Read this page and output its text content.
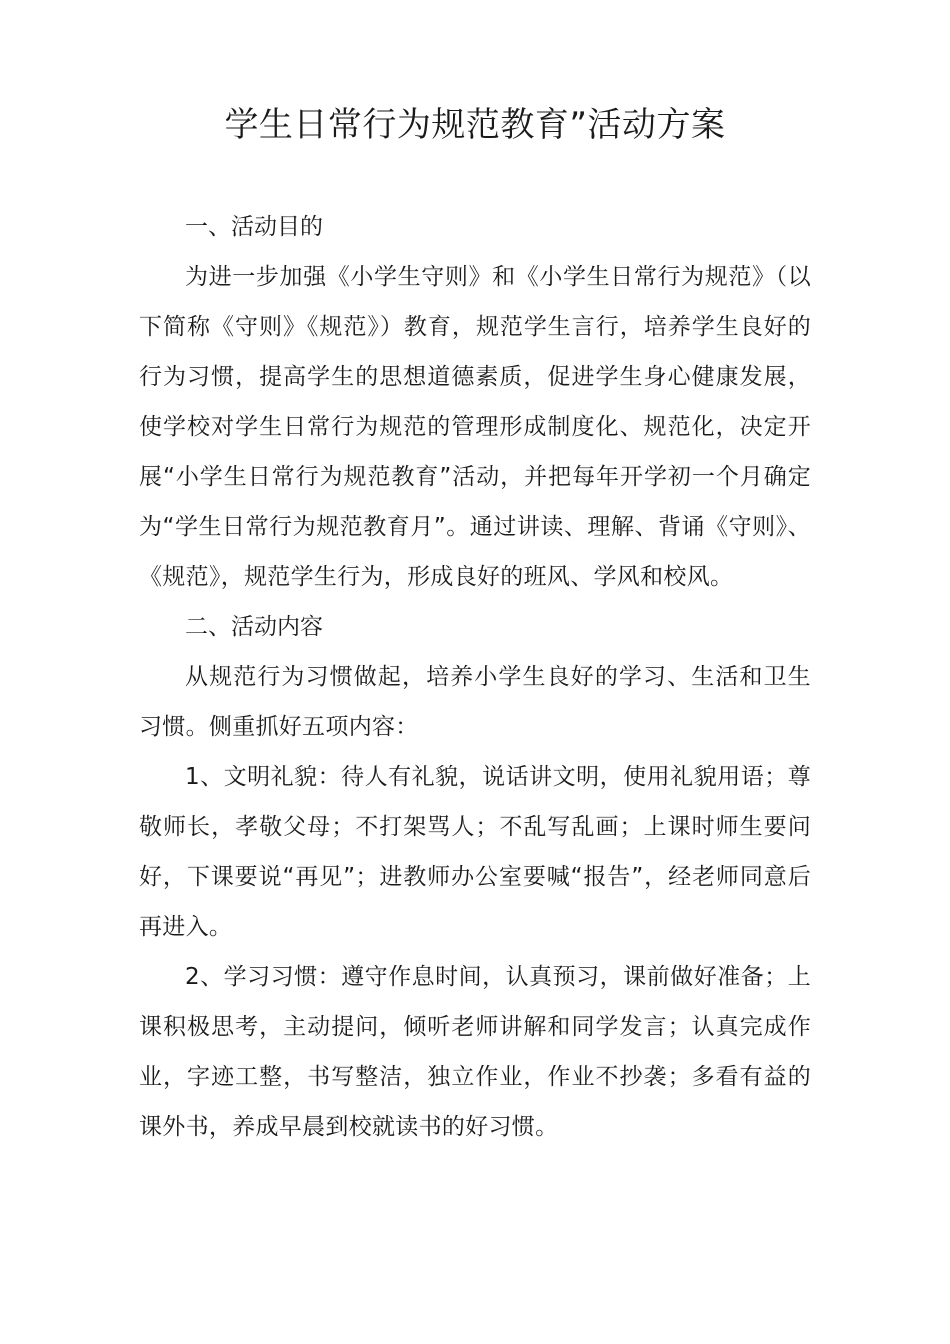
学生日常行为规范教育”活动方案

一、活动目的

为进一步加强《小学生守则》和《小学生日常行为规范》（以下简称《守则》《规范》）教育，规范学生言行，培养学生良好的行为习惯，提高学生的思想道德素质，促进学生身心健康发展，使学校对学生日常行为规范的管理形成制度化、规范化，决定开展“小学生日常行为规范教育”活动，并把每年开学初一个月确定为“学生日常行为规范教育月”。通过讲读、理解、背诵《守则》、《规范》，规范学生行为，形成良好的班风、学风和校风。

二、活动内容

从规范行为习惯做起，培养小学生良好的学习、生活和卫生习惯。侧重抓好五项内容：

1、文明礼貌：待人有礼貌，说话讲文明，使用礼貌用语；尊敬师长，孝敬父母；不打架骂人；不乱写乱画；上课时师生要问好，下课要说“再见”；进教师办公室要喊“报告”，经老师同意后再进入。

2、学习习惯：遵守作息时间，认真预习，课前做好准备；上课积极思考，主动提问，倾听老师讲解和同学发言；认真完成作业，字迹工整，书写整洁，独立作业，作业不抄袭；多看有益的课外书，养成早晨到校就读书的好习惯。
